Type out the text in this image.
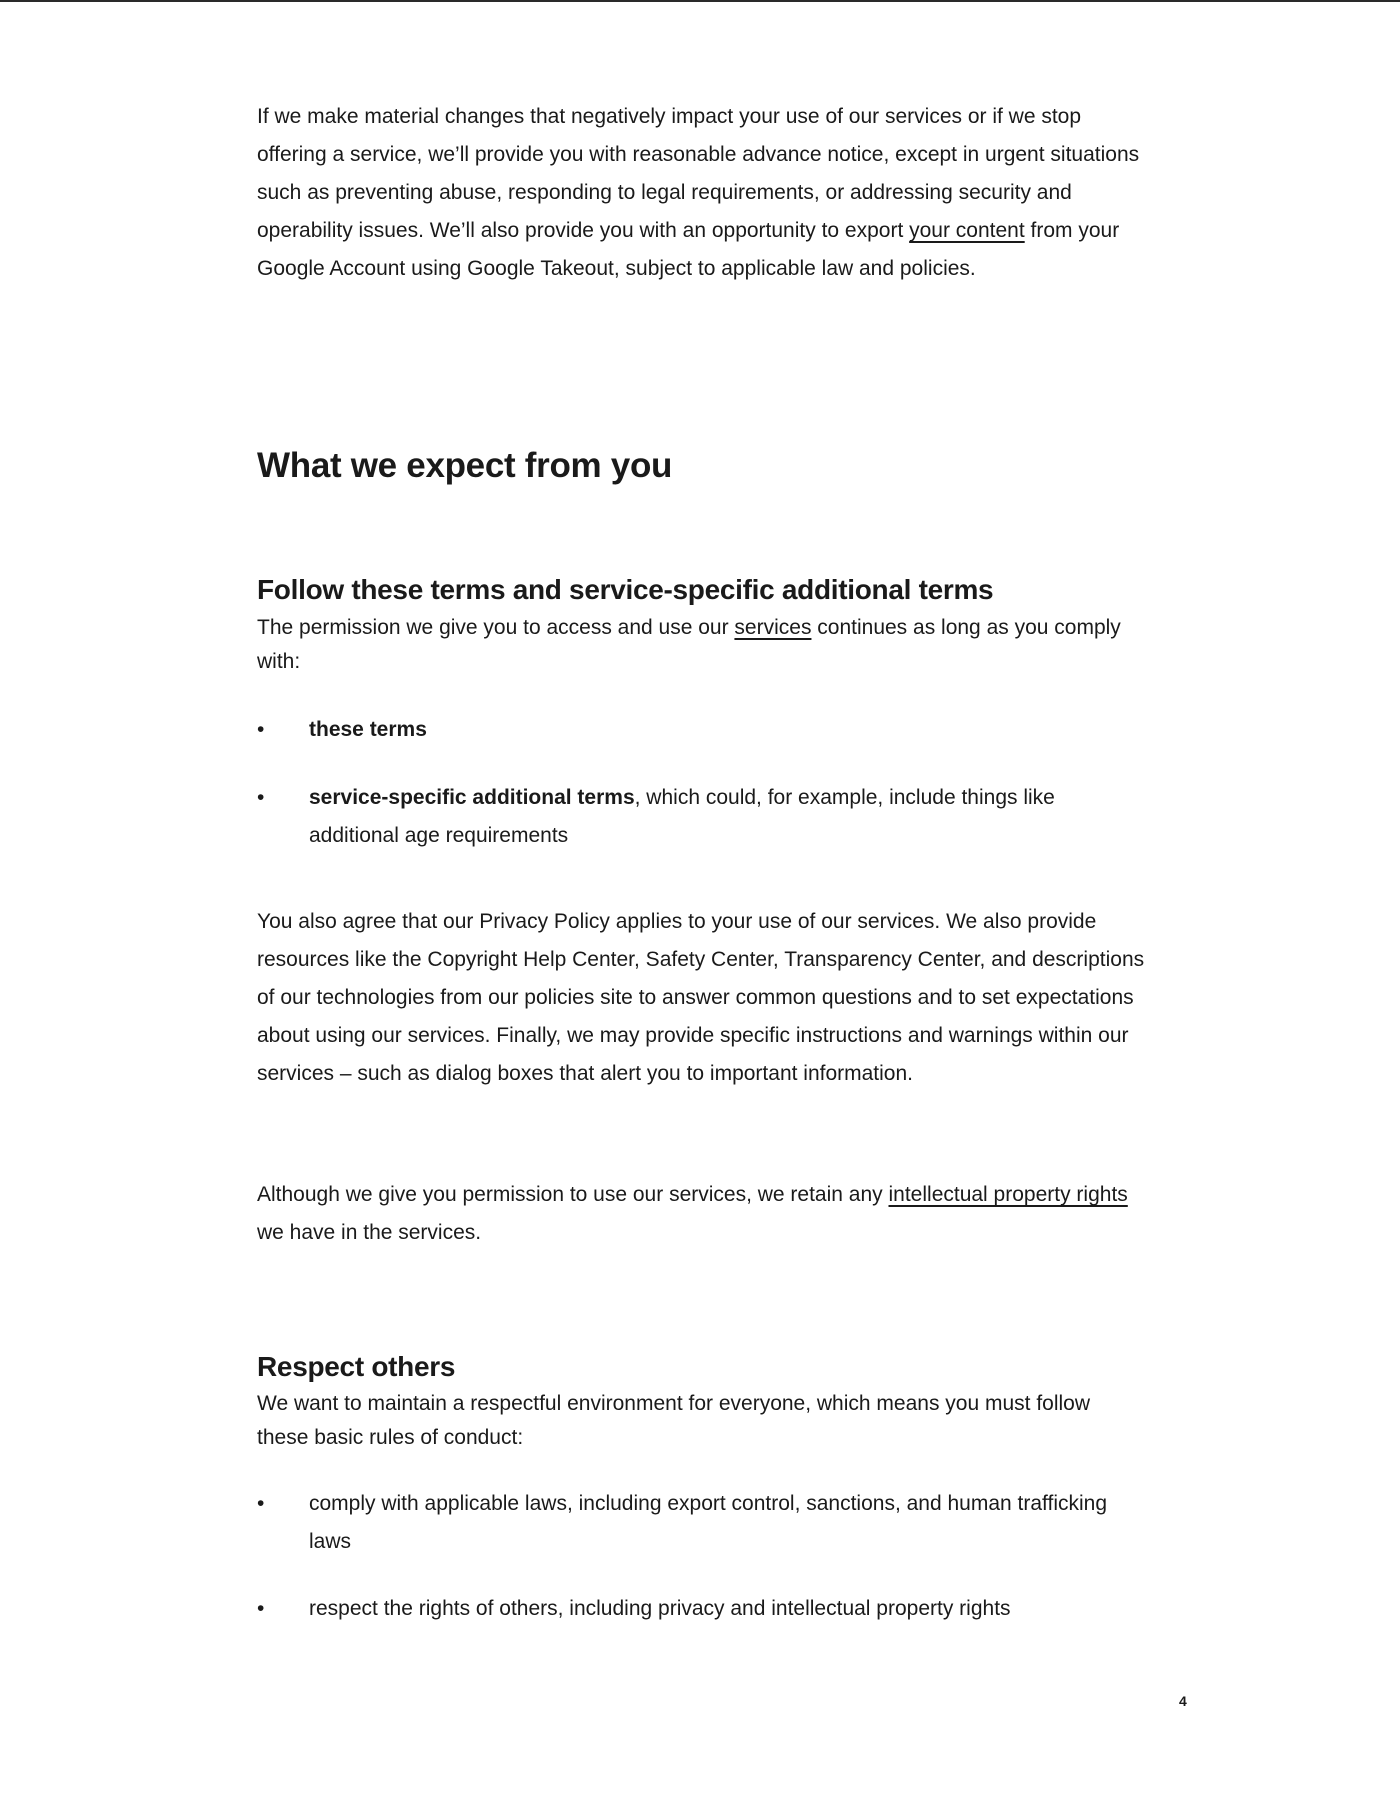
If we make material changes that negatively impact your use of our services or if we stop offering a service, we’ll provide you with reasonable advance notice, except in urgent situations such as preventing abuse, responding to legal requirements, or addressing security and operability issues. We’ll also provide you with an opportunity to export your content from your Google Account using Google Takeout, subject to applicable law and policies.

What we expect from you
Follow these terms and service-specific additional terms

The permission we give you to access and use our services continues as long as you comply with:

•	these terms
•	service-specific additional terms, which could, for example, include things like additional age requirements

You also agree that our Privacy Policy applies to your use of our services. We also provide resources like the Copyright Help Center, Safety Center, Transparency Center, and descriptions of our technologies from our policies site to answer common questions and to set expectations about using our services. Finally, we may provide specific instructions and warnings within our services – such as dialog boxes that alert you to important information.

Although we give you permission to use our services, we retain any intellectual property rights we have in the services.

Respect others

We want to maintain a respectful environment for everyone, which means you must follow these basic rules of conduct:

•	comply with applicable laws, including export control, sanctions, and human trafficking laws
•	respect the rights of others, including privacy and intellectual property rights
4
